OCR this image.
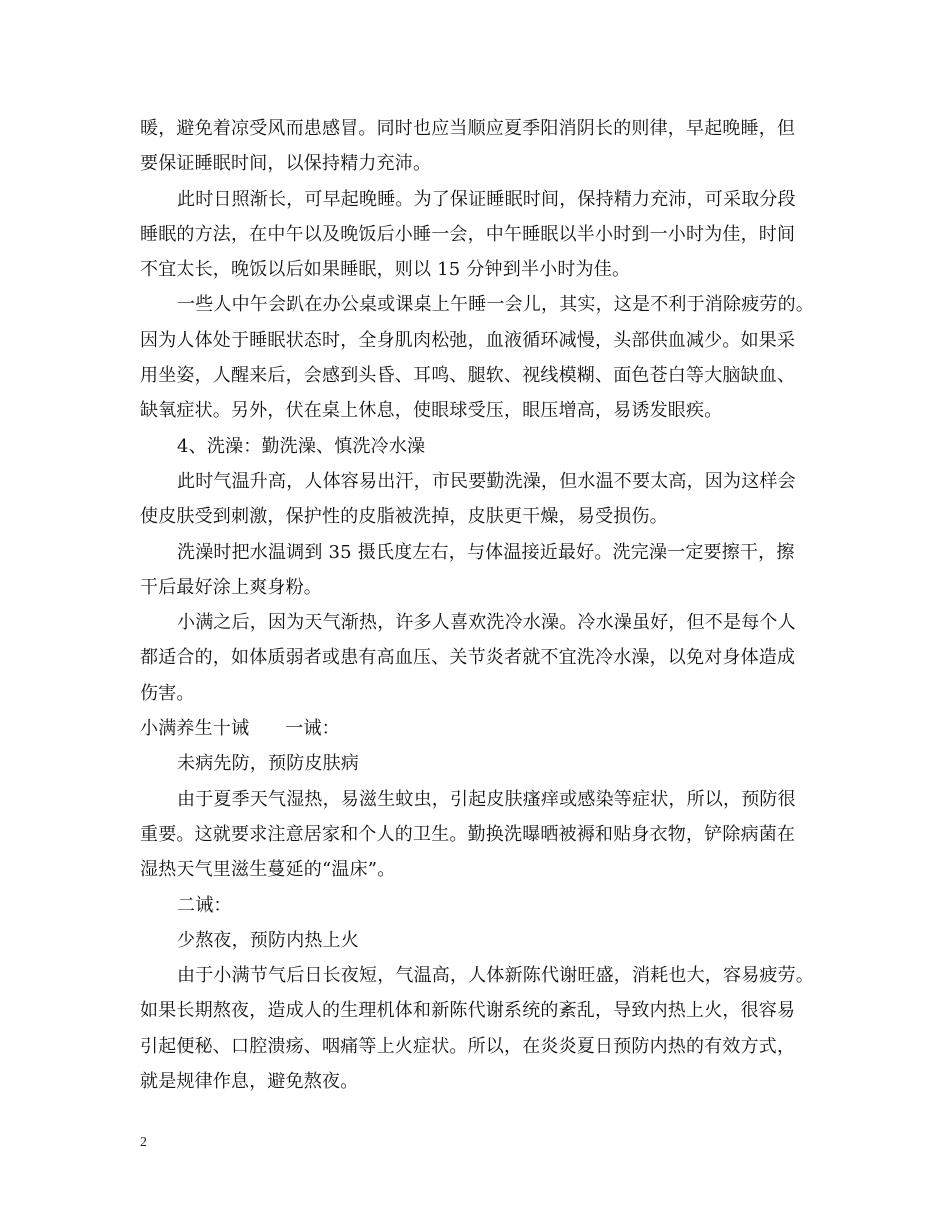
暖，避免着凉受风而患感冒。同时也应当顺应夏季阳消阴长的则律，早起晚睡，但
要保证睡眠时间，以保持精力充沛。
此时日照渐长，可早起晚睡。为了保证睡眠时间，保持精力充沛，可采取分段
睡眠的方法，在中午以及晚饭后小睡一会，中午睡眠以半小时到一小时为佳，时间
不宜太长，晚饭以后如果睡眠，则以 15 分钟到半小时为佳。
一些人中午会趴在办公桌或课桌上午睡一会儿，其实，这是不利于消除疲劳的。
因为人体处于睡眠状态时，全身肌肉松弛，血液循环减慢，头部供血减少。如果采
用坐姿，人醒来后，会感到头昏、耳鸣、腿软、视线模糊、面色苍白等大脑缺血、
缺氧症状。另外，伏在桌上休息，使眼球受压，眼压增高，易诱发眼疾。
4、洗澡：勤洗澡、慎洗冷水澡
此时气温升高，人体容易出汗，市民要勤洗澡，但水温不要太高，因为这样会
使皮肤受到刺激，保护性的皮脂被洗掉，皮肤更干燥，易受损伤。
洗澡时把水温调到 35 摄氏度左右，与体温接近最好。洗完澡一定要擦干，擦
干后最好涂上爽身粉。
小满之后，因为天气渐热，许多人喜欢洗冷水澡。冷水澡虽好，但不是每个人
都适合的，如体质弱者或患有高血压、关节炎者就不宜洗冷水澡，以免对身体造成
伤害。
小满养生十诫 一诫：
未病先防，预防皮肤病
由于夏季天气湿热，易滋生蚊虫，引起皮肤瘙痒或感染等症状，所以，预防很
重要。这就要求注意居家和个人的卫生。勤换洗曝晒被褥和贴身衣物，铲除病菌在
湿热天气里滋生蔓延的“温床”。
二诫：
少熬夜，预防内热上火
由于小满节气后日长夜短，气温高，人体新陈代谢旺盛，消耗也大，容易疲劳。
如果长期熬夜，造成人的生理机体和新陈代谢系统的紊乱，导致内热上火，很容易
引起便秘、口腔溃疡、咽痛等上火症状。所以，在炎炎夏日预防内热的有效方式，
就是规律作息，避免熬夜。
2
